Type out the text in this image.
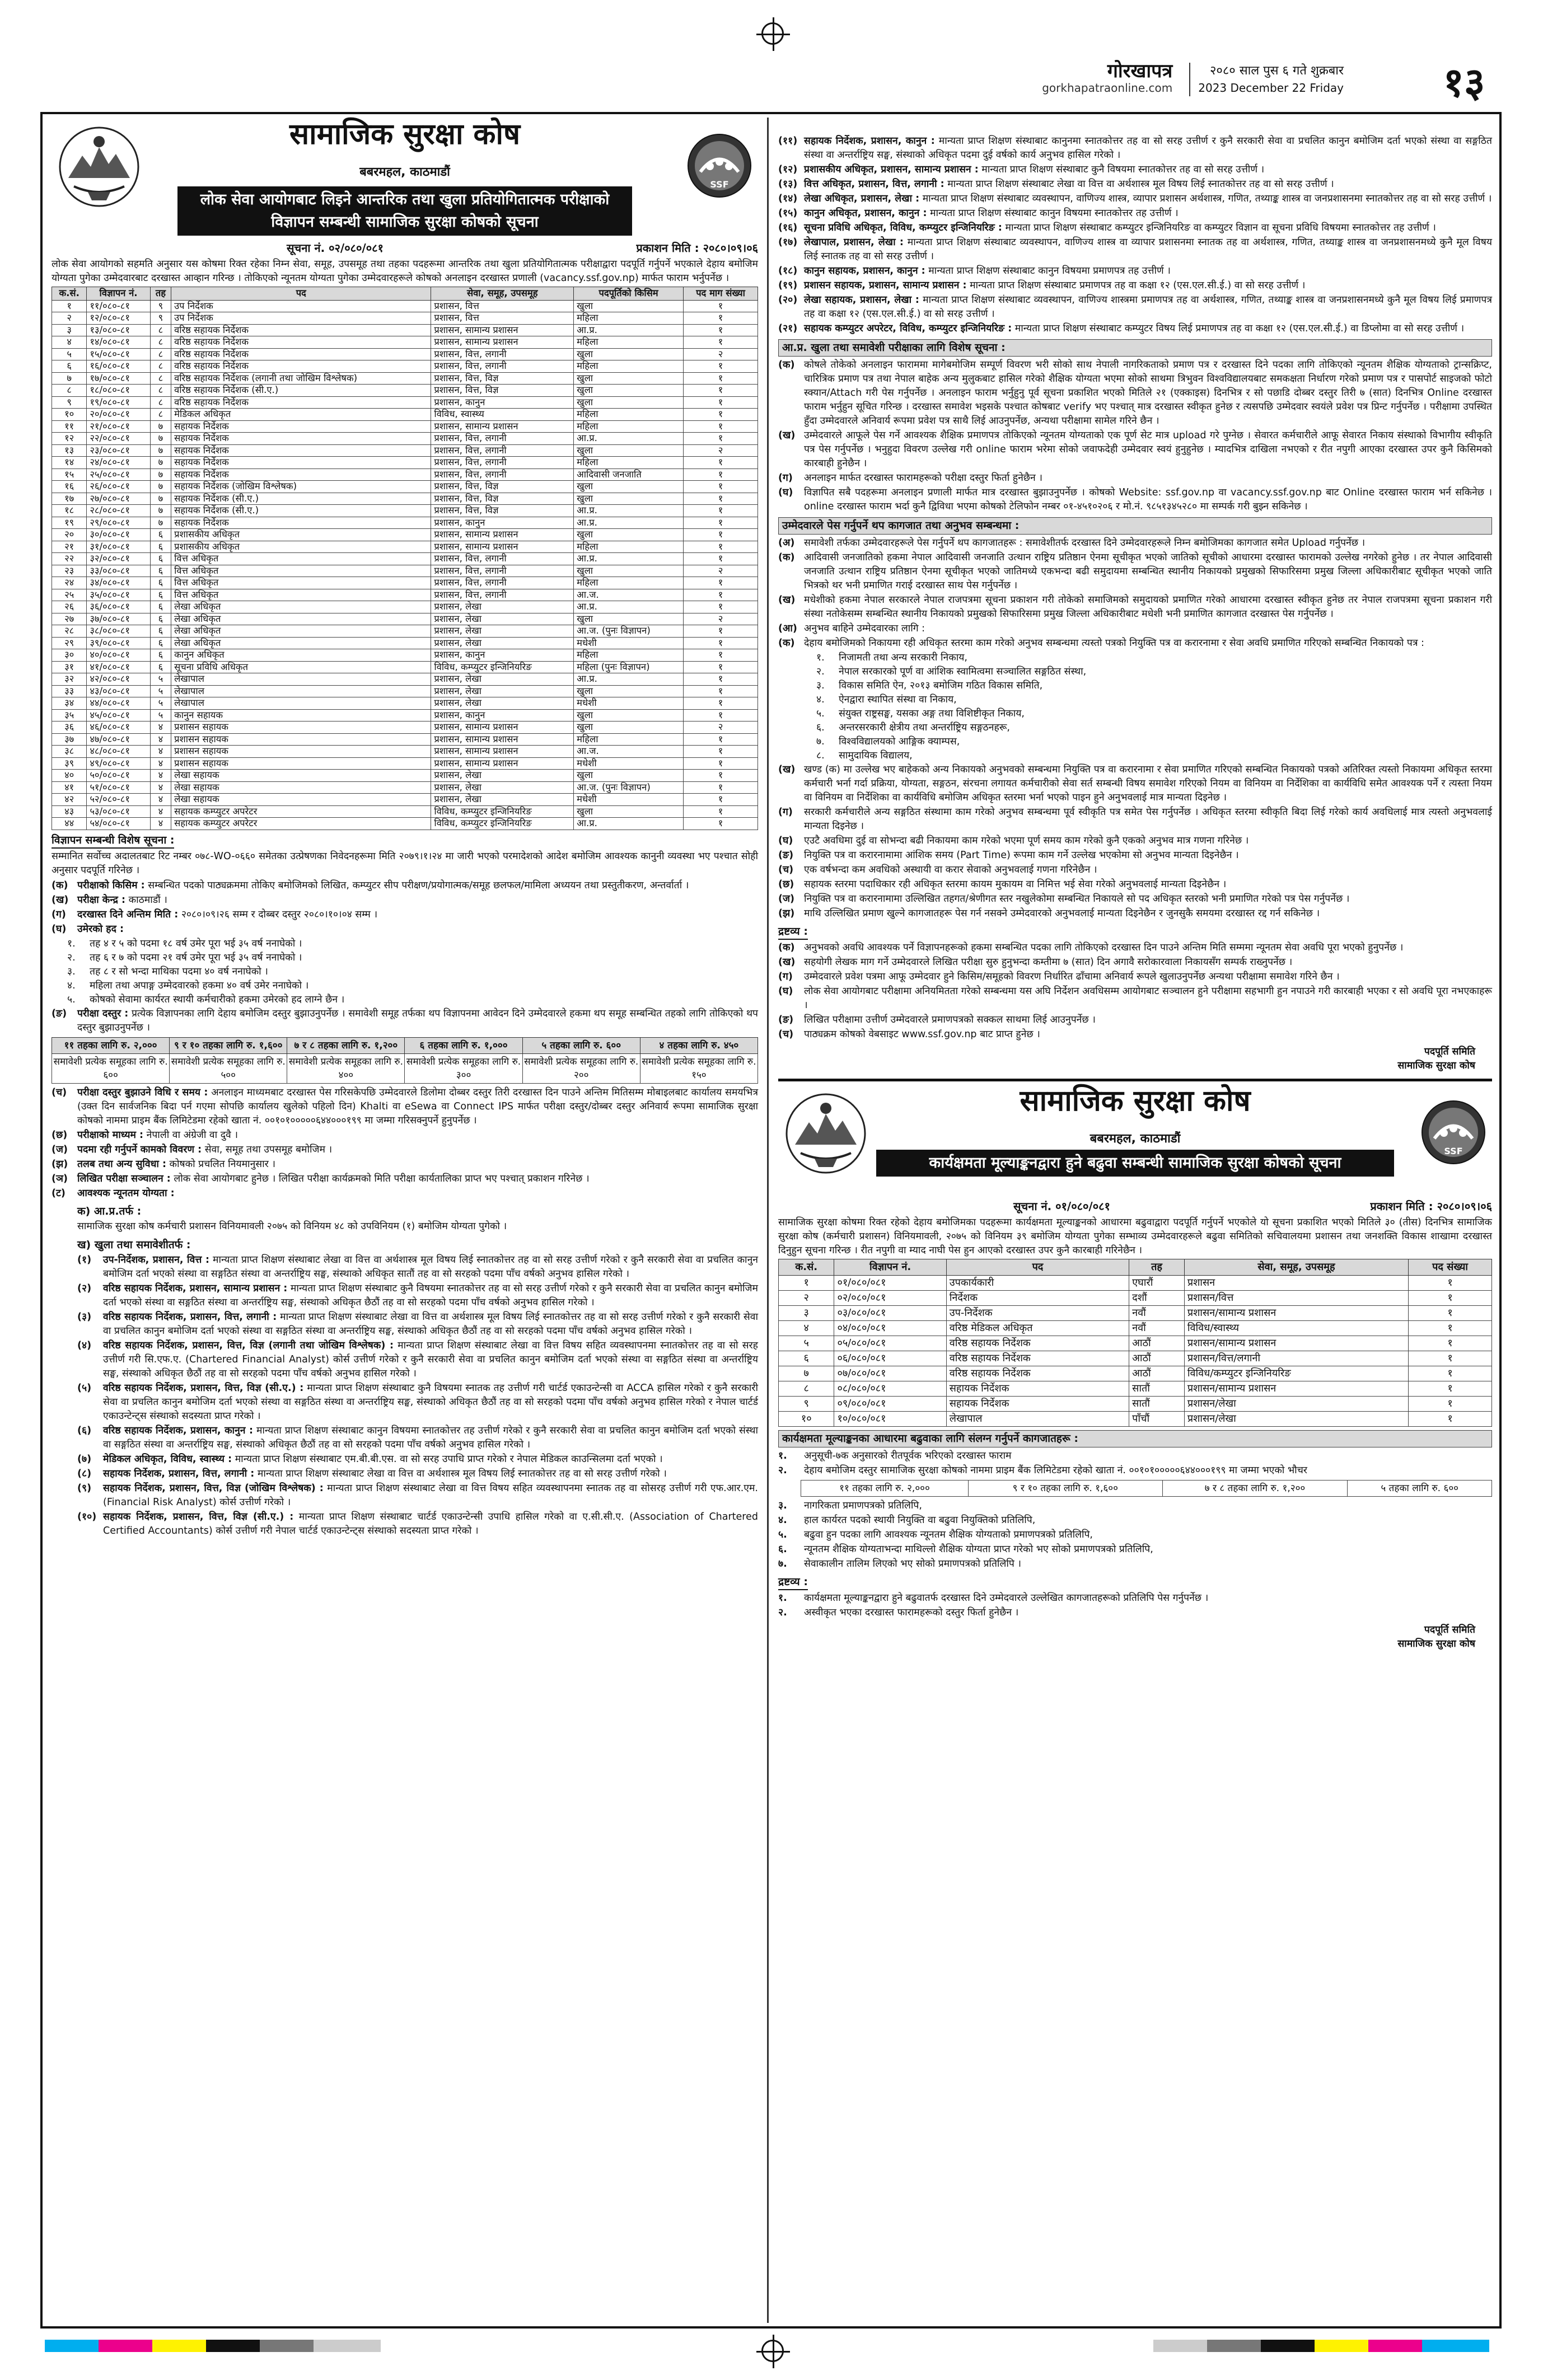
गोरखापत्र
gorkhapatraonline.com
२०८० साल पुस ६ गते शुक्रबार
2023 December 22 Friday १३
सामाजिक सुरक्षा कोष
बबरमहल, काठमाडौं
SSF
लोक सेवा आयोगबाट लिइने आन्तरिक तथा खुला प्रतियोगितात्मक परीक्षाको
विज्ञापन सम्बन्धी सामाजिक सुरक्षा कोषको सूचना
सूचना नं. ०२/०८०/०८१	प्रकाशन मिति : २०८०।०९।०६

लोक सेवा आयोगको सहमति अनुसार यस कोषमा रिक्त रहेका निम्न सेवा, समूह, उपसमूह तथा तहका पदहरूमा आन्तरिक तथा खुला प्रतियोगितात्मक परीक्षाद्वारा पदपूर्ति गर्नुपर्ने भएकाले देहाय बमोजिम योग्यता पुगेका उम्मेदवारबाट दरखास्त आव्हान गरिन्छ । तोकिएको न्यूनतम योग्यता पुगेका उम्मेदवारहरूले कोषको अनलाइन दरखास्त प्रणाली (vacancy.ssf.gov.np) मार्फत फाराम भर्नुपर्नेछ ।

क.सं.	विज्ञापन नं.	तह	पद	सेवा, समूह, उपसमूह	पदपूर्तिको किसिम	पद माग संख्या
१	११/०८०-८१	९	उप निर्देशक	प्रशासन, वित्त	खुला	१
२	१२/०८०-८१	९	उप निर्देशक	प्रशासन, वित्त	महिला	१
३	१३/०८०-८१	८	वरिष्ठ सहायक निर्देशक	प्रशासन, सामान्य प्रशासन	आ.प्र.	१
४	१४/०८०-८१	८	वरिष्ठ सहायक निर्देशक	प्रशासन, सामान्य प्रशासन	महिला	१
५	१५/०८०-८१	८	वरिष्ठ सहायक निर्देशक	प्रशासन, वित्त, लगानी	खुला	२
६	१६/०८०-८१	८	वरिष्ठ सहायक निर्देशक	प्रशासन, वित्त, लगानी	महिला	१
७	१७/०८०-८१	८	वरिष्ठ सहायक निर्देशक (लगानी तथा जोखिम विश्लेषक)	प्रशासन, वित्त, विज्ञ	खुला	१
८	१८/०८०-८१	८	वरिष्ठ सहायक निर्देशक (सी.ए.)	प्रशासन, वित्त, विज्ञ	खुला	१
९	१९/०८०-८१	८	वरिष्ठ सहायक निर्देशक	प्रशासन, कानुन	खुला	१
१०	२०/०८०-८१	८	मेडिकल अधिकृत	विविध, स्वास्थ्य	महिला	१
११	२१/०८०-८१	७	सहायक निर्देशक	प्रशासन, सामान्य प्रशासन	महिला	१
१२	२२/०८०-८१	७	सहायक निर्देशक	प्रशासन, वित्त, लगानी	आ.प्र.	१
१३	२३/०८०-८१	७	सहायक निर्देशक	प्रशासन, वित्त, लगानी	खुला	२
१४	२४/०८०-८१	७	सहायक निर्देशक	प्रशासन, वित्त, लगानी	महिला	१
१५	२५/०८०-८१	७	सहायक निर्देशक	प्रशासन, वित्त, लगानी	आदिवासी जनजाति	१
१६	२६/०८०-८१	७	सहायक निर्देशक (जोखिम विश्लेषक)	प्रशासन, वित्त, विज्ञ	खुला	१
१७	२७/०८०-८१	७	सहायक निर्देशक (सी.ए.)	प्रशासन, वित्त, विज्ञ	खुला	१
१८	२८/०८०-८१	७	सहायक निर्देशक (सी.ए.)	प्रशासन, वित्त, विज्ञ	आ.प्र.	१
१९	२९/०८०-८१	७	सहायक निर्देशक	प्रशासन, कानुन	आ.प्र.	१
२०	३०/०८०-८१	६	प्रशासकीय अधिकृत	प्रशासन, सामान्य प्रशासन	खुला	१
२१	३१/०८०-८१	६	प्रशासकीय अधिकृत	प्रशासन, सामान्य प्रशासन	महिला	१
२२	३२/०८०-८१	६	वित्त अधिकृत	प्रशासन, वित्त, लगानी	आ.प्र.	१
२३	३३/०८०-८१	६	वित्त अधिकृत	प्रशासन, वित्त, लगानी	खुला	२
२४	३४/०८०-८१	६	वित्त अधिकृत	प्रशासन, वित्त, लगानी	महिला	१
२५	३५/०८०-८१	६	वित्त अधिकृत	प्रशासन, वित्त, लगानी	आ.ज.	१
२६	३६/०८०-८१	६	लेखा अधिकृत	प्रशासन, लेखा	आ.प्र.	१
२७	३७/०८०-८१	६	लेखा अधिकृत	प्रशासन, लेखा	खुला	२
२८	३८/०८०-८१	६	लेखा अधिकृत	प्रशासन, लेखा	आ.ज. (पुनः विज्ञापन)	१
२९	३९/०८०-८१	६	लेखा अधिकृत	प्रशासन, लेखा	मधेशी	१
३०	४०/०८०-८१	६	कानुन अधिकृत	प्रशासन, कानुन	महिला	१
३१	४१/०८०-८१	६	सूचना प्रविधि अधिकृत	विविध, कम्प्युटर इन्जिनियरिङ	महिला (पुनः विज्ञापन)	१
३२	४२/०८०-८१	५	लेखापाल	प्रशासन, लेखा	आ.प्र.	१
३३	४३/०८०-८१	५	लेखापाल	प्रशासन, लेखा	खुला	१
३४	४४/०८०-८१	५	लेखापाल	प्रशासन, लेखा	मधेशी	१
३५	४५/०८०-८१	५	कानुन सहायक	प्रशासन, कानुन	खुला	१
३६	४६/०८०-८१	४	प्रशासन सहायक	प्रशासन, सामान्य प्रशासन	खुला	२
३७	४७/०८०-८१	४	प्रशासन सहायक	प्रशासन, सामान्य प्रशासन	महिला	१
३८	४८/०८०-८१	४	प्रशासन सहायक	प्रशासन, सामान्य प्रशासन	आ.ज.	१
३९	४९/०८०-८१	४	प्रशासन सहायक	प्रशासन, सामान्य प्रशासन	मधेशी	१
४०	५०/०८०-८१	४	लेखा सहायक	प्रशासन, लेखा	खुला	१
४१	५१/०८०-८१	४	लेखा सहायक	प्रशासन, लेखा	आ.ज. (पुनः विज्ञापन)	१
४२	५२/०८०-८१	४	लेखा सहायक	प्रशासन, लेखा	मधेशी	१
४३	५३/०८०-८१	४	सहायक कम्प्युटर अपरेटर	विविध, कम्प्युटर इन्जिनियरिङ	खुला	१
४४	५४/०८०-८१	४	सहायक कम्प्युटर अपरेटर	विविध, कम्प्युटर इन्जिनियरिङ	आ.प्र.	१
विज्ञापन सम्बन्धी विशेष सूचना :

सम्मानित सर्वोच्च अदालतबाट रिट नम्बर ०७८-WO-०६६० समेतका उत्प्रेषणका निवेदनहरूमा मिति २०७९।१।२४ मा जारी भएको परमादेशको आदेश बमोजिम आवश्यक कानुनी व्यवस्था भए पश्चात सोही अनुसार पदपूर्ति गरिनेछ ।

(क) परीक्षाको किसिम : सम्बन्धित पदको पाठ्यक्रममा तोकिए बमोजिमको लिखित, कम्प्युटर सीप परीक्षण/प्रयोगात्मक/समूह छलफल/मामिला अध्ययन तथा प्रस्तुतीकरण, अन्तर्वार्ता ।
(ख) परीक्षा केन्द्र : काठमाडौं ।
(ग)	दरखास्त दिने अन्तिम मिति : २०८०।०९।२६ सम्म र दोब्बर दस्तुर २०८०।१०।०४ सम्म ।
(घ)	उमेरको हद :
१.	तह ४ र ५ को पदमा १८ वर्ष उमेर पूरा भई ३५ वर्ष ननाघेको ।
२.	तह ६ र ७ को पदमा २१ वर्ष उमेर पूरा भई ३५ वर्ष ननाघेको ।
३.	तह ८ र सो भन्दा माथिका पदमा ४० वर्ष ननाघेको ।
४.	महिला तथा अपाङ्ग उम्मेदवारको हकमा ४० वर्ष उमेर ननाघेको ।
५.	कोषको सेवामा कार्यरत स्थायी कर्मचारीको हकमा उमेरको हद लाग्ने छैन ।
(ङ)	परीक्षा दस्तुर : प्रत्येक विज्ञापनका लागि देहाय बमोजिम दस्तुर बुझाउनुपर्नेछ । समावेशी समूह तर्फका थप विज्ञापनमा आवेदन दिने उम्मेदवारले हकमा थप समूह सम्बन्धित तहको लागि तोकिएको थप दस्तुर बुझाउनुपर्नेछ ।
११ तहका लागि रु. २,०००	९ र १० तहका लागि रु. १,६००	७ र ८ तहका लागि रु. १,२००	६ तहका लागि रु. १,०००	५ तहका लागि रु. ६००	४ तहका लागि रु. ४५०
समावेशी प्रत्येक समूहका लागि रु. ६००	समावेशी प्रत्येक समूहका लागि रु. ५००	समावेशी प्रत्येक समूहका लागि रु. ४००	समावेशी प्रत्येक समूहका लागि रु. ३००	समावेशी प्रत्येक समूहका लागि रु. २००	समावेशी प्रत्येक समूहका लागि रु. १५०
(च)	परीक्षा दस्तुर बुझाउने विधि र समय : अनलाइन माध्यमबाट दरखास्त पेस गरिसकेपछि उम्मेदवारले डिलोमा दोब्बर दस्तुर तिरी दरखास्त दिन पाउने अन्तिम मितिसम्म मोबाइलबाट कार्यालय समयभित्र (उक्त दिन सार्वजनिक बिदा पर्न गएमा सोपछि कार्यालय खुलेको पहिलो दिन) Khalti वा eSewa वा Connect IPS मार्फत परीक्षा दस्तुर/दोब्बर दस्तुर अनिवार्य रूपमा सामाजिक सुरक्षा कोषको नाममा प्राइम बैंक लिमिटेडमा रहेको खाता नं. ००१०१०००००६४४०००१९९ मा जम्मा गरिसक्नुपर्ने हुनुपर्नेछ ।
(छ)	परीक्षाको माध्यम : नेपाली वा अंग्रेजी वा दुवै ।
(ज) पदमा रही गर्नुपर्ने कामको विवरण : सेवा, समूह तथा उपसमूह बमोजिम ।
(झ) तलब तथा अन्य सुविधा : कोषको प्रचलित नियमानुसार ।
(ञ) लिखित परीक्षा सञ्चालन : लोक सेवा आयोगबाट हुनेछ । लिखित परीक्षा कार्यक्रमको मिति परीक्षा कार्यतालिका प्राप्त भए पश्चात् प्रकाशन गरिनेछ ।
(ट)	आवश्यक न्यूनतम योग्यता :
क) आ.प्र.तर्फ :

सामाजिक सुरक्षा कोष कर्मचारी प्रशासन विनियमावली २०७५ को विनियम ४८ को उपविनियम (१) बमोजिम योग्यता पुगेको ।

ख) खुला तथा समावेशीतर्फ :
(१)	उप-निर्देशक, प्रशासन, वित्त : मान्यता प्राप्त शिक्षण संस्थाबाट लेखा वा वित्त वा अर्थशास्त्र मूल विषय लिई स्नातकोत्तर तह वा सो सरह उत्तीर्ण गरेको र कुनै सरकारी सेवा वा प्रचलित कानुन बमोजिम दर्ता भएको संस्था वा सङ्गठित संस्था वा अन्तर्राष्ट्रिय सङ्घ, संस्थाको अधिकृत सातौं तह वा सो सरहको पदमा पाँच वर्षको अनुभव हासिल गरेको ।
(२)	वरिष्ठ सहायक निर्देशक, प्रशासन, सामान्य प्रशासन : मान्यता प्राप्त शिक्षण संस्थाबाट कुनै विषयमा स्नातकोत्तर तह वा सो सरह उत्तीर्ण गरेको र कुनै सरकारी सेवा वा प्रचलित कानुन बमोजिम दर्ता भएको संस्था वा सङ्गठित संस्था वा अन्तर्राष्ट्रिय सङ्घ, संस्थाको अधिकृत छैठौं तह वा सो सरहको पदमा पाँच वर्षको अनुभव हासिल गरेको ।
(३)	वरिष्ठ सहायक निर्देशक, प्रशासन, वित्त, लगानी : मान्यता प्राप्त शिक्षण संस्थाबाट लेखा वा वित्त वा अर्थशास्त्र मूल विषय लिई स्नातकोत्तर तह वा सो सरह उत्तीर्ण गरेको र कुनै सरकारी सेवा वा प्रचलित कानुन बमोजिम दर्ता भएको संस्था वा सङ्गठित संस्था वा अन्तर्राष्ट्रिय सङ्घ, संस्थाको अधिकृत छैठौं तह वा सो सरहको पदमा पाँच वर्षको अनुभव हासिल गरेको ।
(४)	वरिष्ठ सहायक निर्देशक, प्रशासन, वित्त, विज्ञ (लगानी तथा जोखिम विश्लेषक) : मान्यता प्राप्त शिक्षण संस्थाबाट लेखा वा वित्त विषय सहित व्यवस्थापनमा स्नातकोत्तर तह वा सो सरह उत्तीर्ण गरी सि.एफ.ए. (Chartered Financial Analyst) कोर्स उत्तीर्ण गरेको र कुनै सरकारी सेवा वा प्रचलित कानुन बमोजिम दर्ता भएको संस्था वा सङ्गठित संस्था वा अन्तर्राष्ट्रिय सङ्घ, संस्थाको अधिकृत छैठौं तह वा सो सरहको पदमा पाँच वर्षको अनुभव हासिल गरेको ।
(५)	वरिष्ठ सहायक निर्देशक, प्रशासन, वित्त, विज्ञ (सी.ए.) : मान्यता प्राप्त शिक्षण संस्थाबाट कुनै विषयमा स्नातक तह उत्तीर्ण गरी चार्टर्ड एकाउन्टेन्सी वा ACCA हासिल गरेको र कुनै सरकारी सेवा वा प्रचलित कानुन बमोजिम दर्ता भएको संस्था वा सङ्गठित संस्था वा अन्तर्राष्ट्रिय सङ्घ, संस्थाको अधिकृत छैठौं तह वा सो सरहको पदमा पाँच वर्षको अनुभव हासिल गरेको र नेपाल चार्टर्ड एकाउन्टेन्ट्स संस्थाको सदस्यता प्राप्त गरेको ।
(६)	वरिष्ठ सहायक निर्देशक, प्रशासन, कानुन : मान्यता प्राप्त शिक्षण संस्थाबाट कानुन विषयमा स्नातकोत्तर तह उत्तीर्ण गरेको र कुनै सरकारी सेवा वा प्रचलित कानुन बमोजिम दर्ता भएको संस्था वा सङ्गठित संस्था वा अन्तर्राष्ट्रिय सङ्घ, संस्थाको अधिकृत छैठौं तह वा सो सरहको पदमा पाँच वर्षको अनुभव हासिल गरेको ।
(७)	मेडिकल अधिकृत, विविध, स्वास्थ्य : मान्यता प्राप्त शिक्षण संस्थाबाट एम.बी.बी.एस. वा सो सरह उपाधि प्राप्त गरेको र नेपाल मेडिकल काउन्सिलमा दर्ता भएको ।
(८)	सहायक निर्देशक, प्रशासन, वित्त, लगानी : मान्यता प्राप्त शिक्षण संस्थाबाट लेखा वा वित्त वा अर्थशास्त्र मूल विषय लिई स्नातकोत्तर तह वा सो सरह उत्तीर्ण गरेको ।
(९)	सहायक निर्देशक, प्रशासन, वित्त, विज्ञ (जोखिम विश्लेषक) : मान्यता प्राप्त शिक्षण संस्थाबाट लेखा वा वित्त विषय सहित व्यवस्थापनमा स्नातक तह वा सोसरह उत्तीर्ण गरी एफ.आर.एम. (Financial Risk Analyst) कोर्स उत्तीर्ण गरेको ।
(१०) सहायक निर्देशक, प्रशासन, वित्त, विज्ञ (सी.ए.) : मान्यता प्राप्त शिक्षण संस्थाबाट चार्टर्ड एकाउन्टेन्सी उपाधि हासिल गरेको वा ए.सी.सी.ए. (Association of Chartered Certified Accountants) कोर्स उत्तीर्ण गरी नेपाल चार्टर्ड एकाउन्टेन्ट्स संस्थाको सदस्यता प्राप्त गरेको ।
(११) सहायक निर्देशक, प्रशासन, कानुन : मान्यता प्राप्त शिक्षण संस्थाबाट कानुनमा स्नातकोत्तर तह वा सो सरह उत्तीर्ण र कुनै सरकारी सेवा वा प्रचलित कानुन बमोजिम दर्ता भएको संस्था वा सङ्गठित संस्था वा अन्तर्राष्ट्रिय सङ्घ, संस्थाको अधिकृत पदमा दुई वर्षको कार्य अनुभव हासिल गरेको ।
(१२) प्रशासकीय अधिकृत, प्रशासन, सामान्य प्रशासन : मान्यता प्राप्त शिक्षण संस्थाबाट कुनै विषयमा स्नातकोत्तर तह वा सो सरह उत्तीर्ण ।
(१३) वित्त अधिकृत, प्रशासन, वित्त, लगानी : मान्यता प्राप्त शिक्षण संस्थाबाट लेखा वा वित्त वा अर्थशास्त्र मूल विषय लिई स्नातकोत्तर तह वा सो सरह उत्तीर्ण ।
(१४) लेखा अधिकृत, प्रशासन, लेखा : मान्यता प्राप्त शिक्षण संस्थाबाट व्यवस्थापन, वाणिज्य शास्त्र, व्यापार प्रशासन अर्थशास्त्र, गणित, तथ्याङ्क शास्त्र वा जनप्रशासनमा स्नातकोत्तर तह वा सो सरह उत्तीर्ण ।
(१५) कानुन अधिकृत, प्रशासन, कानुन : मान्यता प्राप्त शिक्षण संस्थाबाट कानुन विषयमा स्नातकोत्तर तह उत्तीर्ण ।
(१६) सूचना प्रविधि अधिकृत, विविध, कम्प्युटर इन्जिनियरिङ : मान्यता प्राप्त शिक्षण संस्थाबाट कम्प्युटर इन्जिनियरिङ वा कम्प्युटर विज्ञान वा सूचना प्रविधि विषयमा स्नातकोत्तर तह उत्तीर्ण ।
(१७) लेखापाल, प्रशासन, लेखा : मान्यता प्राप्त शिक्षण संस्थाबाट व्यवस्थापन, वाणिज्य शास्त्र वा व्यापार प्रशासनमा स्नातक तह वा अर्थशास्त्र, गणित, तथ्याङ्क शास्त्र वा जनप्रशासनमध्ये कुनै मूल विषय लिई स्नातक तह वा सो सरह उत्तीर्ण ।
(१८) कानुन सहायक, प्रशासन, कानुन : मान्यता प्राप्त शिक्षण संस्थाबाट कानुन विषयमा प्रमाणपत्र तह उत्तीर्ण ।
(१९) प्रशासन सहायक, प्रशासन, सामान्य प्रशासन : मान्यता प्राप्त शिक्षण संस्थाबाट प्रमाणपत्र तह वा कक्षा १२ (एस.एल.सी.ई.) वा सो सरह उत्तीर्ण ।
(२०) लेखा सहायक, प्रशासन, लेखा : मान्यता प्राप्त शिक्षण संस्थाबाट व्यवस्थापन, वाणिज्य शास्त्रमा प्रमाणपत्र तह वा अर्थशास्त्र, गणित, तथ्याङ्क शास्त्र वा जनप्रशासनमध्ये कुनै मूल विषय लिई प्रमाणपत्र तह वा कक्षा १२ (एस.एल.सी.ई.) वा सो सरह उत्तीर्ण ।
(२१) सहायक कम्प्युटर अपरेटर, विविध, कम्प्युटर इन्जिनियरिङ : मान्यता प्राप्त शिक्षण संस्थाबाट कम्प्युटर विषय लिई प्रमाणपत्र तह वा कक्षा १२ (एस.एल.सी.ई.) वा डिप्लोमा वा सो सरह उत्तीर्ण ।
आ.प्र. खुला तथा समावेशी परीक्षाका लागि विशेष सूचना :
(क) कोषले तोकेको अनलाइन फाराममा मागेबमोजिम सम्पूर्ण विवरण भरी सोको साथ नेपाली नागरिकताको प्रमाण पत्र र दरखास्त दिने पदका लागि तोकिएको न्यूनतम शैक्षिक योग्यताको ट्रान्सक्रिप्ट, चारित्रिक प्रमाण पत्र तथा नेपाल बाहेक अन्य मुलुकबाट हासिल गरेको शैक्षिक योग्यता भएमा सोको साथमा त्रिभुवन विश्वविद्यालयबाट समकक्षता निर्धारण गरेको प्रमाण पत्र र पासपोर्ट साइजको फोटो स्क्यान/Attach गरी पेस गर्नुपर्नेछ । अनलाइन फाराम भर्नुहुनु पूर्व सूचना प्रकाशित भएको मितिले २१ (एक्काइस) दिनभित्र र सो पछाडि दोब्बर दस्तुर तिरी ७ (सात) दिनभित्र Online दरखास्त फाराम भर्नुहुन सूचित गरिन्छ । दरखास्त समावेश भइसके पश्चात कोषबाट verify भए पश्चात् मात्र दरखास्त स्वीकृत हुनेछ र त्यसपछि उम्मेदवार स्वयंले प्रवेश पत्र प्रिन्ट गर्नुपर्नेछ । परीक्षामा उपस्थित हुँदा उम्मेदवारले अनिवार्य रूपमा प्रवेश पत्र साथै लिई आउनुपर्नेछ, अन्यथा परीक्षामा सामेल गरिने छैन ।
(ख) उम्मेदवारले आफूले पेस गर्ने आवश्यक शैक्षिक प्रमाणपत्र तोकिएको न्यूनतम योग्यताको एक पूर्ण सेट मात्र upload गरे पुग्नेछ । सेवारत कर्मचारीले आफू सेवारत निकाय संस्थाको विभागीय स्वीकृति पत्र पेस गर्नुपर्नेछ । भनुहुदा विवरण उल्लेख गरी online फाराम भरेमा सोको जवाफदेही उम्मेदवार स्वयं हुनुहुनेछ । म्यादभित्र दाखिला नभएको र रीत नपुगी आएका दरखास्त उपर कुनै किसिमको कारबाही हुनेछैन ।
(ग)	अनलाइन मार्फत दरखास्त फारामहरूको परीक्षा दस्तुर फिर्ता हुनेछैन ।
(घ)	विज्ञापित सबै पदहरूमा अनलाइन प्रणाली मार्फत मात्र दरखास्त बुझाउनुपर्नेछ । कोषको Website: ssf.gov.np वा vacancy.ssf.gov.np बाट Online दरखास्त फाराम भर्न सकिनेछ । online दरखास्त फाराम भर्दा कुनै द्विविधा भएमा कोषको टेलिफोन नम्बर ०१-४५१०२०६ र मो.नं. ९८५१३४५२८० मा सम्पर्क गरी बुझ्न सकिनेछ ।
उम्मेदवारले पेस गर्नुपर्ने थप कागजात तथा अनुभव सम्बन्धमा :
(अ) समावेशी तर्फका उम्मेदवारहरूले पेस गर्नुपर्ने थप कागजातहरू : समावेशीतर्फ दरखास्त दिने उम्मेदवारहरूले निम्न बमोजिमका कागजात समेत Upload गर्नुपर्नेछ ।
(क) आदिवासी जनजातिको हकमा नेपाल आदिवासी जनजाति उत्थान राष्ट्रिय प्रतिष्ठान ऐनमा सूचीकृत भएको जातिको सूचीको आधारमा दरखास्त फारामको उल्लेख नगरेको हुनेछ । तर नेपाल आदिवासी जनजाति उत्थान राष्ट्रिय प्रतिष्ठान ऐनमा सूचीकृत भएको जातिमध्ये एकभन्दा बढी समुदायमा सम्बन्धित स्थानीय निकायको प्रमुखको सिफारिसमा प्रमुख जिल्ला अधिकारीबाट सूचीकृत भएको जाति भित्रको थर भनी प्रमाणित गराई दरखास्त साथ पेस गर्नुपर्नेछ ।
(ख) मधेशीको हकमा नेपाल सरकारले नेपाल राजपत्रमा सूचना प्रकाशन गरी तोकेको समाजिमको समुदायको प्रमाणित गरेको आधारमा दरखास्त स्वीकृत हुनेछ तर नेपाल राजपत्रमा सूचना प्रकाशन गरी संस्था नतोकेसम्म सम्बन्धित स्थानीय निकायको प्रमुखको सिफारिसमा प्रमुख जिल्ला अधिकारीबाट मधेशी भनी प्रमाणित कागजात दरखास्त पेस गर्नुपर्नेछ ।
(आ) अनुभव बाहिने उम्मेदवारका लागि :
(क) देहाय बमोजिमको निकायमा रही अधिकृत स्तरमा काम गरेको अनुभव सम्बन्धमा त्यस्तो पत्रको नियुक्ति पत्र वा करारनामा र सेवा अवधि प्रमाणित गरिएको सम्बन्धित निकायको पत्र :
१.	निजामती तथा अन्य सरकारी निकाय,
२.	नेपाल सरकारको पूर्ण वा आंशिक स्वामित्वमा सञ्चालित सङ्गठित संस्था,
३.	विकास समिति ऐन, २०१३ बमोजिम गठित विकास समिति,
४.	ऐनद्वारा स्थापित संस्था वा निकाय,
५.	संयुक्त राष्ट्रसङ्घ, यसका अङ्ग तथा विशिष्टीकृत निकाय,
६.	अन्तरसरकारी क्षेत्रीय तथा अन्तर्राष्ट्रिय सङ्गठनहरू,
७.	विश्वविद्यालयको आङ्गिक क्याम्पस,
८.	सामुदायिक विद्यालय,
(ख) खण्ड (क) मा उल्लेख भए बाहेकको अन्य निकायको अनुभवको सम्बन्धमा नियुक्ति पत्र वा करारनामा र सेवा प्रमाणित गरिएको सम्बन्धित निकायको पत्रको अतिरिक्त त्यस्तो निकायमा अधिकृत स्तरमा कर्मचारी भर्ना गर्दा प्रक्रिया, योग्यता, सङ्गठन, संरचना लगायत कर्मचारीको सेवा सर्त सम्बन्धी विषय समावेश गरिएको नियम वा विनियम वा निर्देशिका वा कार्यविधि समेत आवश्यक पर्ने र त्यस्ता नियम वा विनियम वा निर्देशिका वा कार्यविधि बमोजिम अधिकृत स्तरमा भर्ना भएको पाइन हुने अनुभवलाई मात्र मान्यता दिइनेछ ।
(ग)	सरकारी कर्मचारीले अन्य सङ्गठित संस्थामा काम गरेको अनुभव सम्बन्धमा पूर्व स्वीकृति पत्र समेत पेस गर्नुपर्नेछ । अधिकृत स्तरमा स्वीकृति बिदा लिई गरेको कार्य अवधिलाई मात्र त्यस्तो अनुभवलाई मान्यता दिइनेछ ।
(घ)	एउटै अवधिमा दुई वा सोभन्दा बढी निकायमा काम गरेको भएमा पूर्ण समय काम गरेको कुनै एकको अनुभव मात्र गणना गरिनेछ ।
(ङ)	नियुक्ति पत्र वा करारनामामा आंशिक समय (Part Time) रूपमा काम गर्ने उल्लेख भएकोमा सो अनुभव मान्यता दिइनेछैन ।
(च)	एक वर्षभन्दा कम अवधिको अस्थायी वा करार सेवाको अनुभवलाई गणना गरिनेछैन ।
(छ)	सहायक स्तरमा पदाधिकार रही अधिकृत स्तरमा कायम मुकायम वा निमित्त भई सेवा गरेको अनुभवलाई मान्यता दिइनेछैन ।
(ज) नियुक्ति पत्र वा करारनामामा उल्लिखित तहगत/श्रेणीगत स्तर नखुलेकोमा सम्बन्धित निकायले सो पद अधिकृत स्तरको भनी प्रमाणित गरेको पत्र पेस गर्नुपर्नेछ ।
(झ) माथि उल्लिखित प्रमाण खुल्ने कागजातहरू पेस गर्न नसक्ने उम्मेदवारको अनुभवलाई मान्यता दिइनेछैन र जुनसुकै समयमा दरखास्त रद्द गर्न सकिनेछ ।
द्रष्टव्य :
(क) अनुभवको अवधि आवश्यक पर्ने विज्ञापनहरूको हकमा सम्बन्धित पदका लागि तोकिएको दरखास्त दिन पाउने अन्तिम मिति सम्ममा न्यूनतम सेवा अवधि पूरा भएको हुनुपर्नेछ ।
(ख) सहयोगी लेखक माग गर्ने उम्मेदवारले लिखित परीक्षा सुरु हुनुभन्दा कम्तीमा ७ (सात) दिन अगावै सरोकारवाला निकायसँग सम्पर्क राख्नुपर्नेछ ।
(ग)	उम्मेदवारले प्रवेश पत्रमा आफू उम्मेदवार हुने किसिम/समूहको विवरण निर्धारित ढाँचामा अनिवार्य रूपले खुलाउनुपर्नेछ अन्यथा परीक्षामा समावेश गरिने छैन ।
(घ)	लोक सेवा आयोगबाट परीक्षामा अनियमितता गरेको सम्बन्धमा यस अघि निर्देशन अवधिसम्म आयोगबाट सञ्चालन हुने परीक्षामा सहभागी हुन नपाउने गरी कारबाही भएका र सो अवधि पूरा नभएकाहरू ।
(ङ)	लिखित परीक्षामा उत्तीर्ण उम्मेदवारले प्रमाणपत्रको सक्कल साथमा लिई आउनुपर्नेछ ।
(च)	पाठ्यक्रम कोषको वेबसाइट www.ssf.gov.np बाट प्राप्त हुनेछ ।
पदपूर्ति समिति
सामाजिक सुरक्षा कोष
सामाजिक सुरक्षा कोष
बबरमहल, काठमाडौं
SSF
कार्यक्षमता मूल्याङ्कनद्वारा हुने बढुवा सम्बन्धी सामाजिक सुरक्षा कोषको सूचना
सूचना नं. ०१/०८०/०८१	प्रकाशन मिति : २०८०।०९।०६

सामाजिक सुरक्षा कोषमा रिक्त रहेको देहाय बमोजिमका पदहरूमा कार्यक्षमता मूल्याङ्कनको आधारमा बढुवाद्वारा पदपूर्ति गर्नुपर्ने भएकोले यो सूचना प्रकाशित भएको मितिले ३० (तीस) दिनभित्र सामाजिक सुरक्षा कोष (कर्मचारी प्रशासन) विनियमावली, २०७५ को विनियम ३९ बमोजिम योग्यता पुगेका सम्भाव्य उम्मेदवारहरूले बढुवा समितिको सचिवालयमा प्रशासन तथा जनशक्ति विकास शाखामा दरखास्त दिनुहुन सूचना गरिन्छ । रीत नपुगी वा म्याद नाघी पेस हुन आएको दरखास्त उपर कुनै कारबाही गरिनेछैन ।

क.सं.	विज्ञापन नं.	पद	तह	सेवा, समूह, उपसमूह	पद संख्या
१	०१/०८०/०८१	उपकार्यकारी	एघारौं	प्रशासन	१
२	०२/०८०/०८१	निर्देशक	दशौं	प्रशासन/वित्त	१
३	०३/०८०/०८१	उप-निर्देशक	नवौं	प्रशासन/सामान्य प्रशासन	१
४	०४/०८०/०८१	वरिष्ठ मेडिकल अधिकृत	नवौं	विविध/स्वास्थ्य	१
५	०५/०८०/०८१	वरिष्ठ सहायक निर्देशक	आठौं	प्रशासन/सामान्य प्रशासन	१
६	०६/०८०/०८१	वरिष्ठ सहायक निर्देशक	आठौं	प्रशासन/वित्त/लगानी	१
७	०७/०८०/०८१	वरिष्ठ सहायक निर्देशक	आठौं	विविध/कम्प्युटर इन्जिनियरिङ	१
८	०८/०८०/०८१	सहायक निर्देशक	सातौं	प्रशासन/सामान्य प्रशासन	१
९	०९/०८०/०८१	सहायक निर्देशक	सातौं	प्रशासन/लेखा	१
१०	१०/०८०/०८१	लेखापाल	पाँचौं	प्रशासन/लेखा	१
कार्यक्षमता मूल्याङ्कनका आधारमा बढुवाका लागि संलग्न गर्नुपर्ने कागजातहरू :
१.	अनुसूची-७क अनुसारको रीतपूर्वक भरिएको दरखास्त फाराम
२.	देहाय बमोजिम दस्तुर सामाजिक सुरक्षा कोषको नाममा प्राइम बैंक लिमिटेडमा रहेको खाता नं. ००१०१०००००६४४०००१९९ मा जम्मा भएको भौचर
११ तहका लागि रु. २,०००	९ र १० तहका लागि रु. १,६००	७ र ८ तहका लागि रु. १,२००	५ तहका लागि रु. ६००
३.	नागरिकता प्रमाणपत्रको प्रतिलिपि,
४.	हाल कार्यरत पदको स्थायी नियुक्ति वा बढुवा नियुक्तिको प्रतिलिपि,
५.	बढुवा हुन पदका लागि आवश्यक न्यूनतम शैक्षिक योग्यताको प्रमाणपत्रको प्रतिलिपि,
६.	न्यूनतम शैक्षिक योग्यताभन्दा माथिल्लो शैक्षिक योग्यता प्राप्त गरेको भए सोको प्रमाणपत्रको प्रतिलिपि,
७.	सेवाकालीन तालिम लिएको भए सोको प्रमाणपत्रको प्रतिलिपि ।
द्रष्टव्य :
१.	कार्यक्षमता मूल्याङ्कनद्वारा हुने बढुवातर्फ दरखास्त दिने उम्मेदवारले उल्लेखित कागजातहरूको प्रतिलिपि पेस गर्नुपर्नेछ ।
२.	अस्वीकृत भएका दरखास्त फारामहरूको दस्तुर फिर्ता हुनेछैन ।
पदपूर्ति समिति
सामाजिक सुरक्षा कोष
